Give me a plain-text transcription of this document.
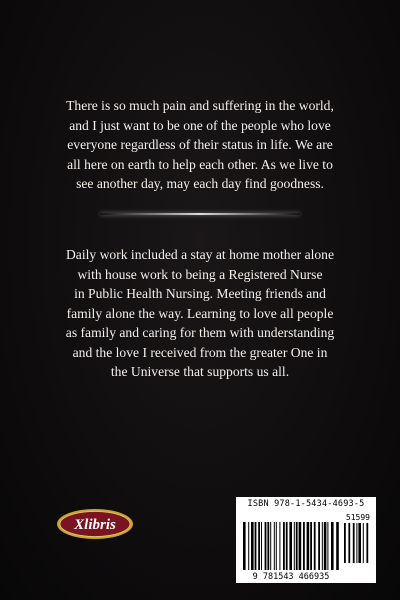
There is so much pain and suffering in the world,
and I just want to be one of the people who love
everyone regardless of their status in life. We are
all here on earth to help each other. As we live to
see another day, may each day find goodness.

Daily work included a stay at home mother alone
with house work to being a Registered Nurse
in Public Health Nursing. Meeting friends and
family alone the way. Learning to love all people
as family and caring for them with understanding
and the love I received from the greater One in
the Universe that supports us all.

Xlibris
ISBN 978-1-5434-4693-5
51599
9 781543 466935
